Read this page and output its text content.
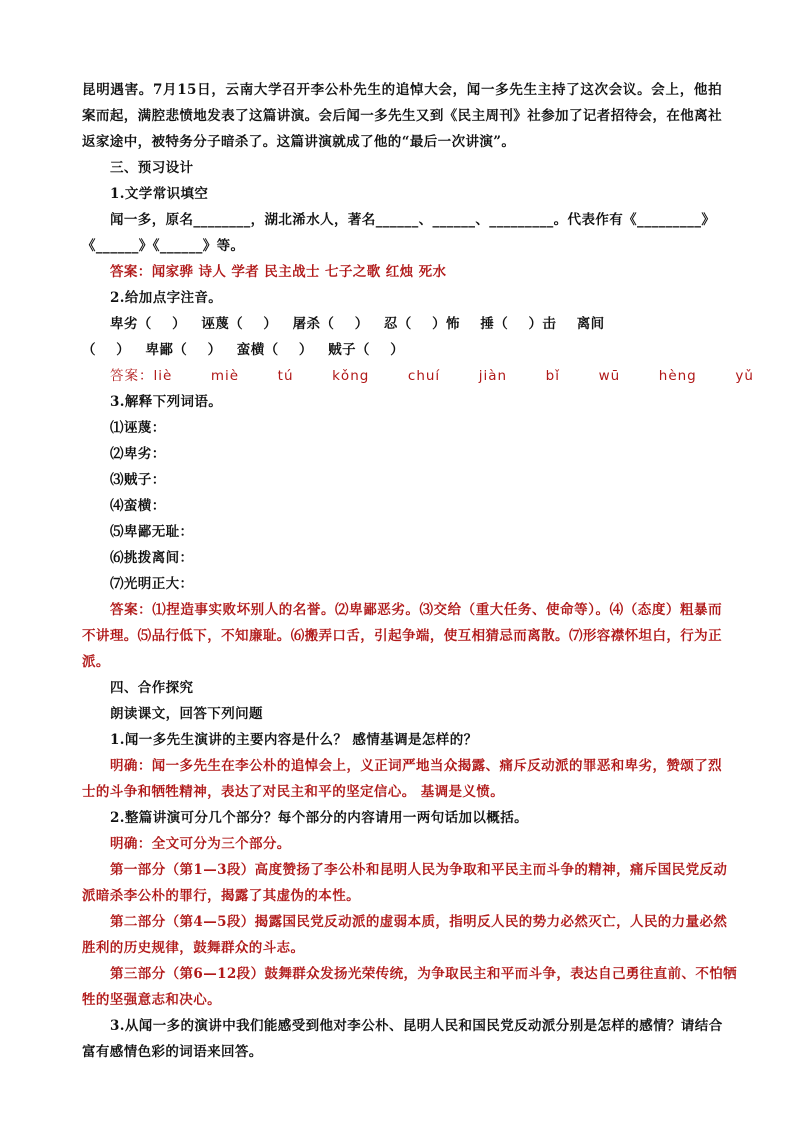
昆明遇害。7月15日，云南大学召开李公朴先生的追悼大会，闻一多先生主持了这次会议。会上，他拍
案而起，满腔悲愤地发表了这篇讲演。会后闻一多先生又到《民主周刊》社参加了记者招待会，在他离社
返家途中，被特务分子暗杀了。这篇讲演就成了他的“最后一次讲演”。
三、预习设计
1.文学常识填空
闻一多，原名________，湖北浠水人，著名______、______、_________。代表作有《_________》
《______》《______》等。
答案：闻家骅 诗人 学者 民主战士 七子之歌 红烛 死水
2.给加点字注音。
卑劣（    ）   诬蔑（    ）   屠杀（    ）   忍（    ）怖    捶（    ）击    离间
（    ）   卑鄙（    ）   蛮横（    ）   贼子（    ）
答案：liè  miè  tú  kǒng  chuí  jiàn  bǐ  wū  hèng  yǔ
3.解释下列词语。
⑴诬蔑：
⑵卑劣：
⑶贼子：
⑷蛮横：
⑸卑鄙无耻：
⑹挑拨离间：
⑺光明正大：
答案：⑴捏造事实败坏别人的名誉。⑵卑鄙恶劣。⑶交给（重大任务、使命等）。⑷（态度）粗暴而
不讲理。⑸品行低下，不知廉耻。⑹搬弄口舌，引起争端，使互相猜忌而离散。⑺形容襟怀坦白，行为正
派。
四、合作探究
朗读课文，回答下列问题
1.闻一多先生演讲的主要内容是什么？ 感情基调是怎样的？
明确：闻一多先生在李公朴的追悼会上，义正词严地当众揭露、痛斥反动派的罪恶和卑劣，赞颂了烈
士的斗争和牺牲精神，表达了对民主和平的坚定信心。 基调是义愤。
2.整篇讲演可分几个部分？每个部分的内容请用一两句话加以概括。
明确：全文可分为三个部分。
第一部分（第1—3段）高度赞扬了李公朴和昆明人民为争取和平民主而斗争的精神，痛斥国民党反动
派暗杀李公朴的罪行，揭露了其虚伪的本性。
第二部分（第4—5段）揭露国民党反动派的虚弱本质，指明反人民的势力必然灭亡，人民的力量必然
胜利的历史规律，鼓舞群众的斗志。
第三部分（第6—12段）鼓舞群众发扬光荣传统，为争取民主和平而斗争，表达自己勇往直前、不怕牺
牲的坚强意志和决心。
3.从闻一多的演讲中我们能感受到他对李公朴、昆明人民和国民党反动派分别是怎样的感情？请结合
富有感情色彩的词语来回答。
